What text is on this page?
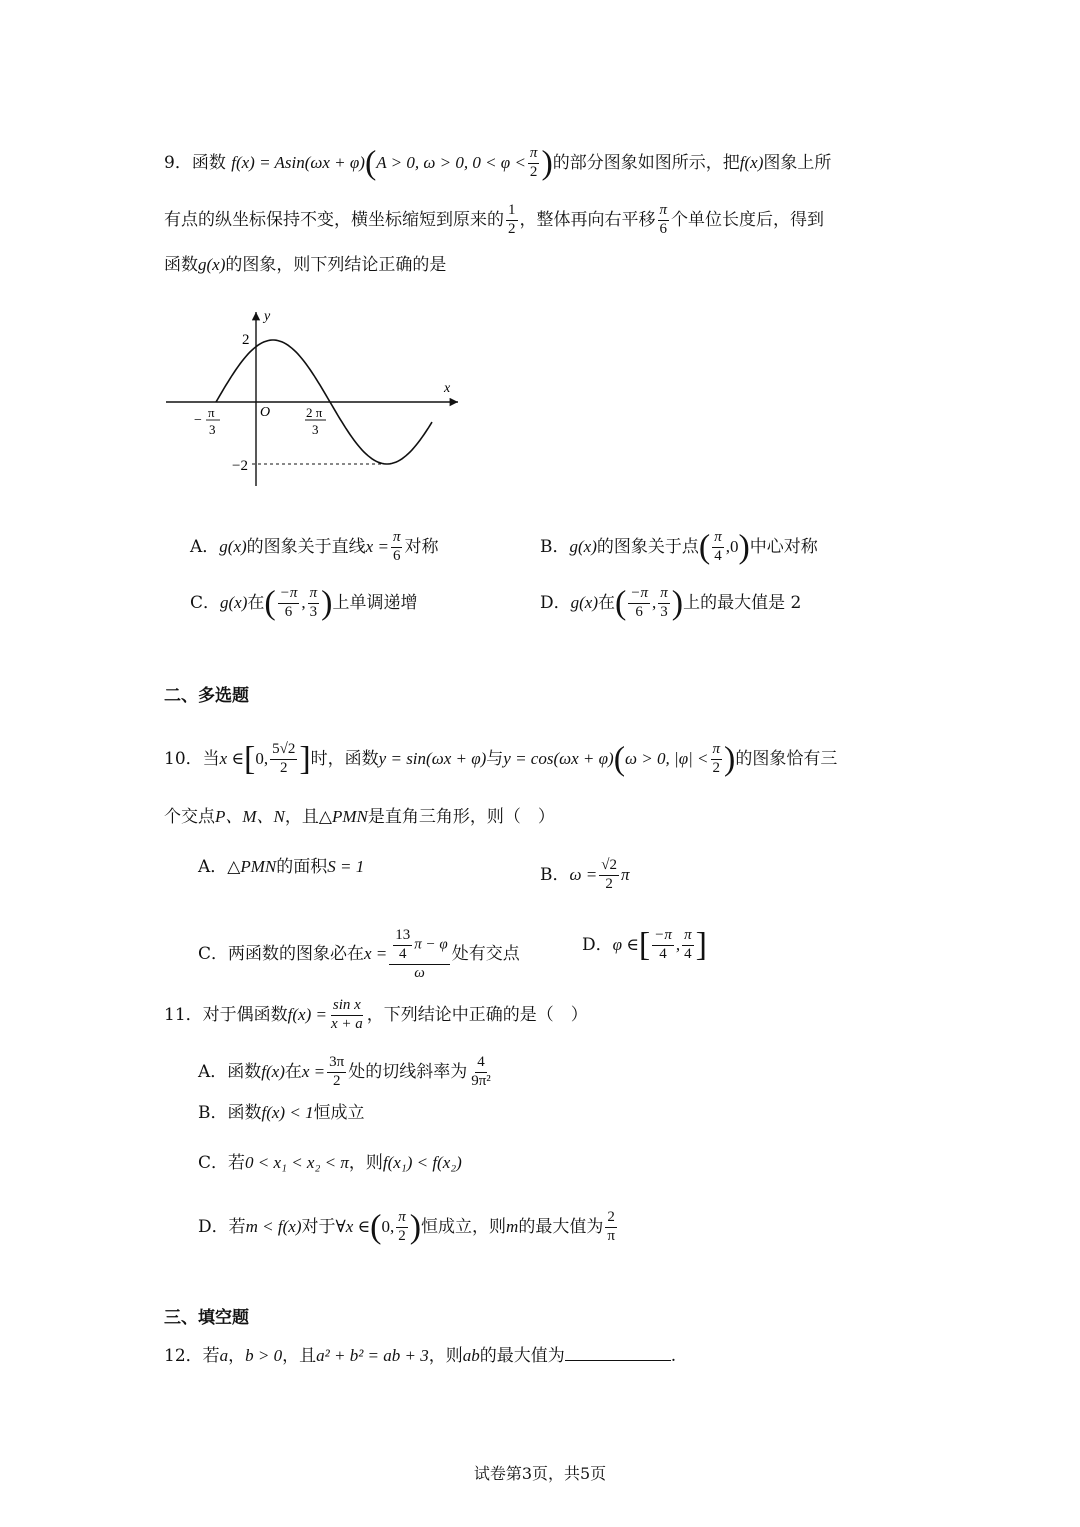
9．函数 f(x) = Asin(ωx + φ)(A > 0, ω > 0, $0 < \varphi < \frac{\pi}{2}$ )的部分图象如图所示，把f(x)图象上所
有点的纵坐标保持不变，横坐标缩短到原来的 $\frac{1}{2}$ ，整体再向右平移 $\frac{\pi}{6}$ 个单位长度后，得到
函数g(x)的图象，则下列结论正确的是
y
x
O
2
−2
−
π
3
2 π
3
A．g(x)的图象关于直线$x = \frac{\pi}{6}$ 对称	B．g(x)的图象关于点( $\frac{\pi}{4} ,0$)中心对称
C．g(x)在( $\frac{-\pi}{6}$ , $\frac{\pi}{3}$ )上单调递增	D．g(x)在( $\frac{-\pi}{6}$ , $\frac{\pi}{3}$ )上的最大值是 2
二、多选题
10．当x ∈[0, $\frac{5√2}{2}$ ]时，函数y = sin(ωx + φ)与y = cos(ωx + φ)(ω > 0, $|\varphi| < \frac{\pi}{2}$ )的图象恰有三
个交点P、M、N，且△PMN是直角三角形，则（　）
A．△PMN的面积S = 1	B．$\omega = \frac{√2}{2}$ π
C．两函数的图象必在$x = \frac{\frac{13}{4} \pi - \varphi}{\omega}$ 处有交点	D．φ ∈[ $\frac{-\pi}{4}$ , $\frac{\pi}{4}$ ]
11．对于偶函数$f(x) = \frac{\text{sin x}}{x + a}$ ，下列结论中正确的是（　）
A．函数f(x)在$x = \frac{3\pi}{2}$ 处的切线斜率为 $\frac{4}{\text{9π²}}$
B．函数f(x) < 1恒成立
C．若0 < x₁ < x₂ < π，则f(x₁) < f(x₂)
D．若m < f(x)对于∀x ∈(0, $\frac{\pi}{2}$ )恒成立，则m的最大值为 $\frac{2}{\pi}$
三、填空题
12．若a，b > 0，且a² + b² = ab + 3，则ab的最大值为	.
试卷第3页，共5页
